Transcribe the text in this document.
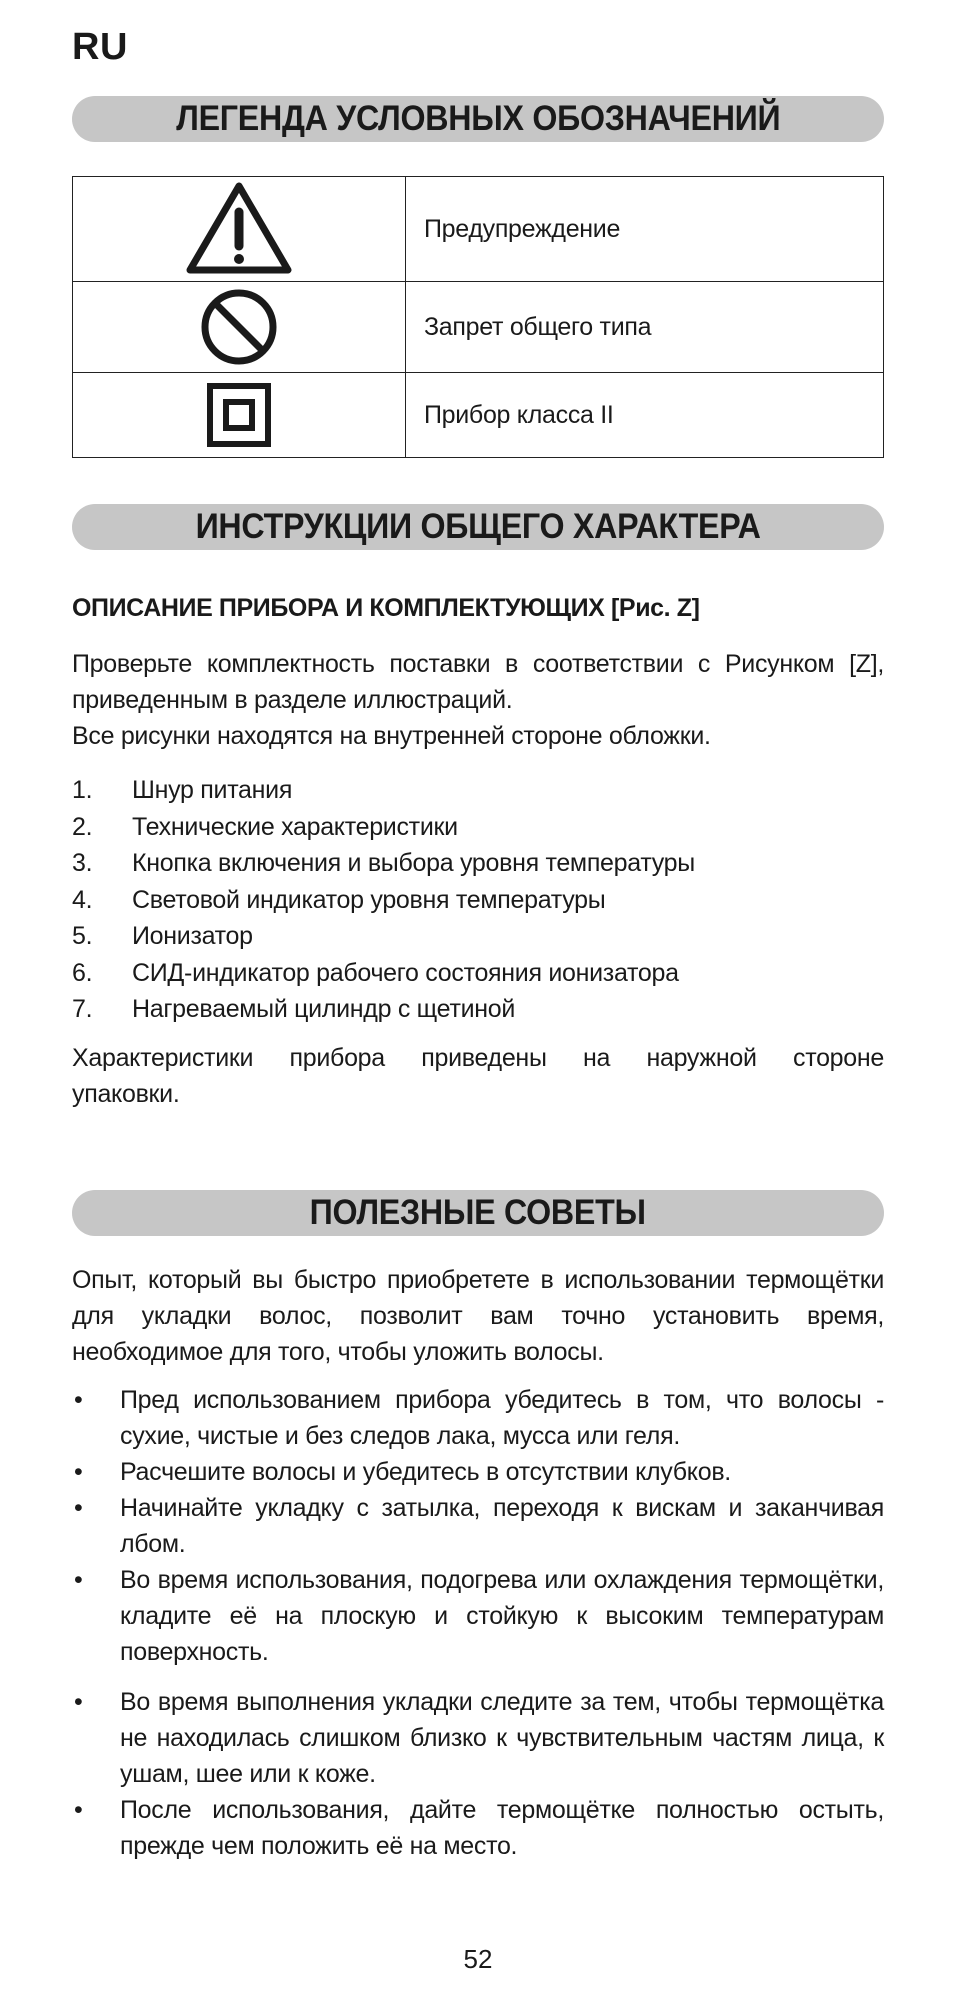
RU
ЛЕГЕНДА УСЛОВНЫХ ОБОЗНАЧЕНИЙ
	Предупреждение
	Запрет общего типа
	Прибор класса II
ИНСТРУКЦИИ ОБЩЕГО ХАРАКТЕРА
ОПИСАНИЕ ПРИБОРА И КОМПЛЕКТУЮЩИХ [Рис. Z]
Проверьте комплектность поставки в соответствии с Рисунком [Z],
приведенным в разделе иллюстраций.
Все рисунки находятся на внутренней стороне обложки.
1. Шнур питания
2. Технические характеристики
3. Кнопка включения и выбора уровня температуры
4. Световой индикатор уровня температуры
5. Ионизатор
6. СИД-индикатор рабочего состояния ионизатора
7. Нагреваемый цилиндр с щетиной
Характеристики прибора приведены на наружной стороне
упаковки.
ПОЛЕЗНЫЕ СОВЕТЫ
Опыт, который вы быстро приобретете в использовании термощётки для укладки волос, позволит вам точно установить время, необходимое для того, чтобы уложить волосы.
• Пред использованием прибора убедитесь в том, что волосы - сухие, чистые и без следов лака, мусса или геля.
• Расчешите волосы и убедитесь в отсутствии клубков.
• Начинайте укладку с затылка, переходя к вискам и заканчивая лбом.
• Во время использования, подогрева или охлаждения термощётки, кладите её на плоскую и стойкую к высоким температурам поверхность.
• Во время выполнения укладки следите за тем, чтобы термощётка не находилась слишком близко к чувствительным частям лица, к ушам, шее или к коже.
• После использования, дайте термощётке полностью остыть, прежде чем положить её на место.
52
